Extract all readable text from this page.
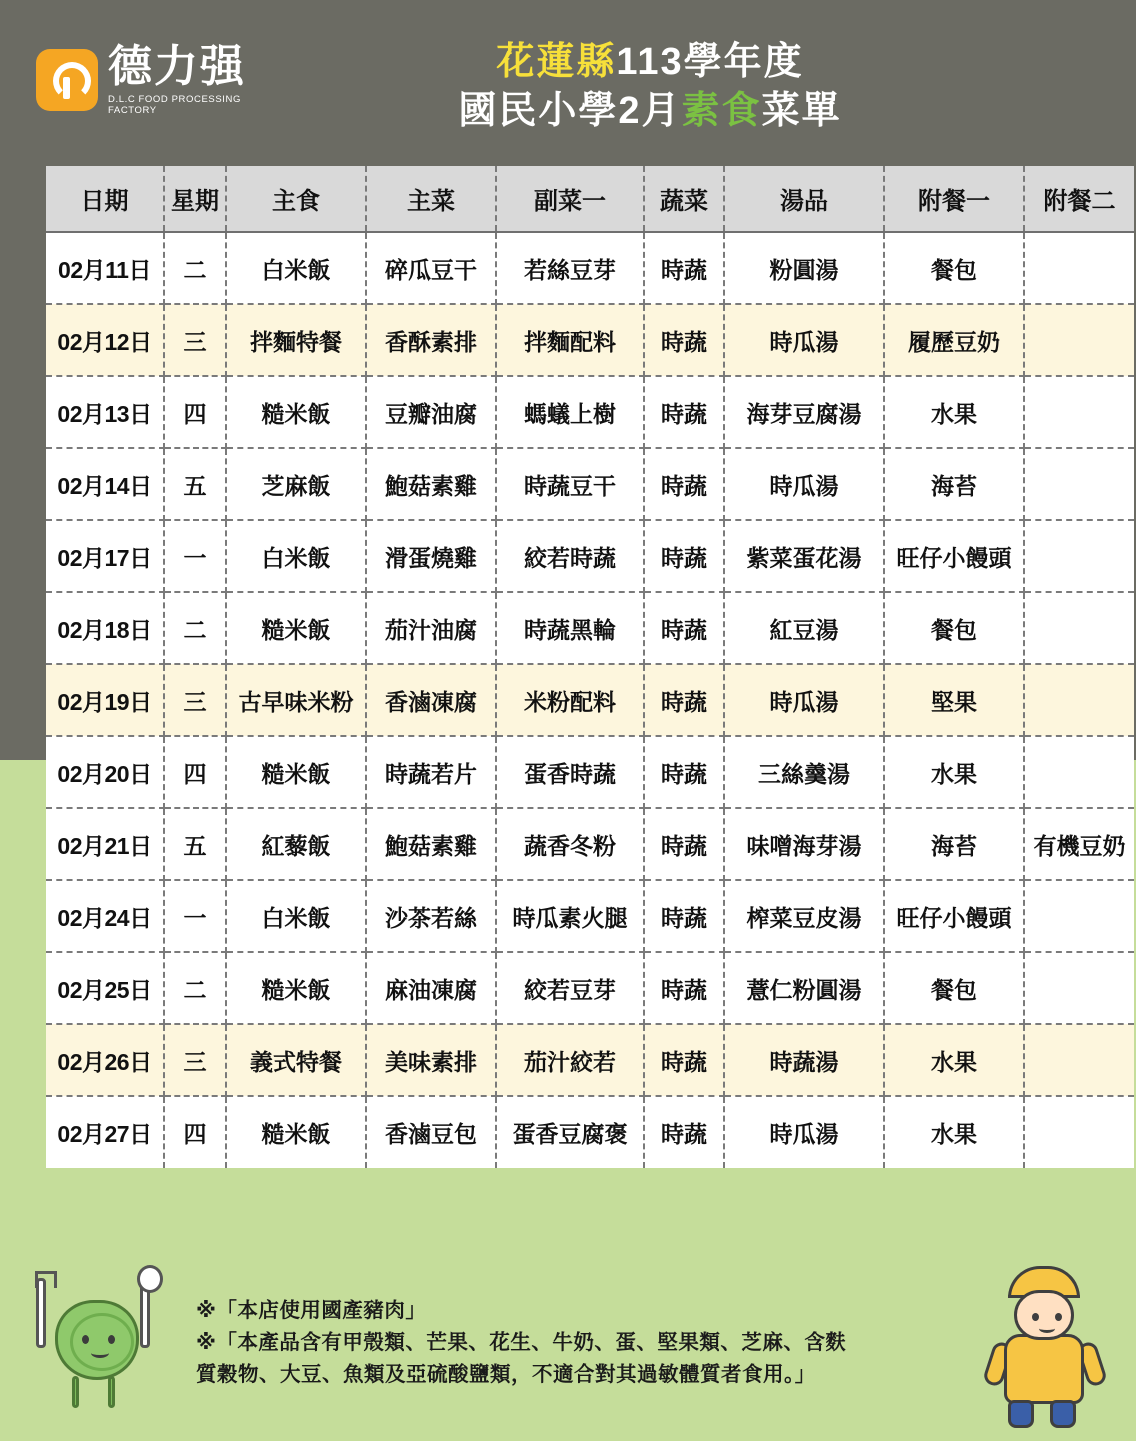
德力强
D.L.C FOOD PROCESSING FACTORY
花蓮縣113學年度
國民小學2月素食菜單
日期	星期	主食	主菜	副菜一	蔬菜	湯品	附餐一	附餐二
02月11日	二	白米飯	碎瓜豆干	若絲豆芽	時蔬	粉圓湯	餐包	
02月12日	三	拌麵特餐	香酥素排	拌麵配料	時蔬	時瓜湯	履歷豆奶	
02月13日	四	糙米飯	豆瓣油腐	螞蟻上樹	時蔬	海芽豆腐湯	水果	
02月14日	五	芝麻飯	鮑菇素雞	時蔬豆干	時蔬	時瓜湯	海苔	
02月17日	一	白米飯	滑蛋燒雞	絞若時蔬	時蔬	紫菜蛋花湯	旺仔小饅頭	
02月18日	二	糙米飯	茄汁油腐	時蔬黑輪	時蔬	紅豆湯	餐包	
02月19日	三	古早味米粉	香滷凍腐	米粉配料	時蔬	時瓜湯	堅果	
02月20日	四	糙米飯	時蔬若片	蛋香時蔬	時蔬	三絲羹湯	水果	
02月21日	五	紅藜飯	鮑菇素雞	蔬香冬粉	時蔬	味噌海芽湯	海苔	有機豆奶
02月24日	一	白米飯	沙茶若絲	時瓜素火腿	時蔬	榨菜豆皮湯	旺仔小饅頭	
02月25日	二	糙米飯	麻油凍腐	絞若豆芽	時蔬	薏仁粉圓湯	餐包	
02月26日	三	義式特餐	美味素排	茄汁絞若	時蔬	時蔬湯	水果	
02月27日	四	糙米飯	香滷豆包	蛋香豆腐褒	時蔬	時瓜湯	水果	
※「本店使用國產豬肉」
※「本產品含有甲殼類、芒果、花生、牛奶、蛋、堅果類、芝麻、含麩
質穀物、大豆、魚類及亞硫酸鹽類，不適合對其過敏體質者食用。」
